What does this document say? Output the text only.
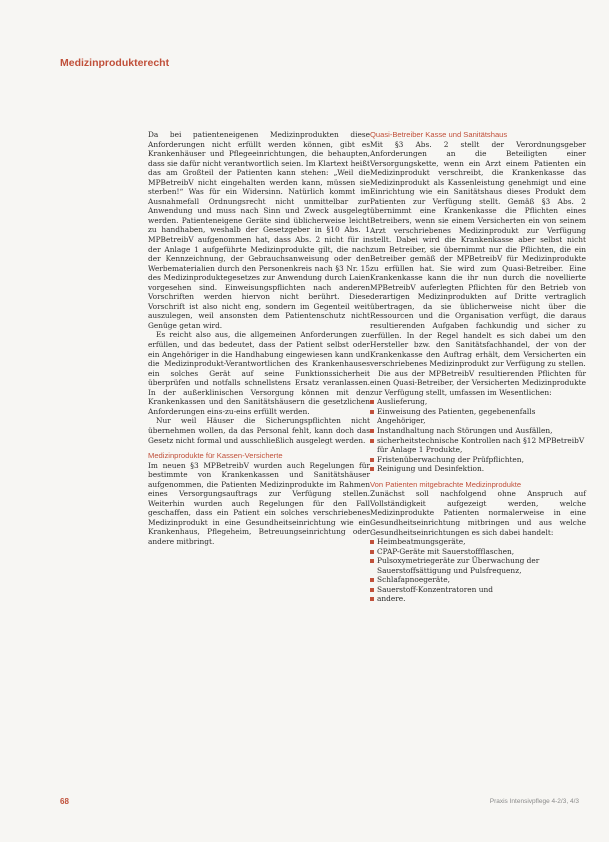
Medizinprodukterecht

Da bei patienteneigenen Medizinprodukten diese Anforderungen nicht erfüllt werden können, gibt es Krankenhäuser und Pflegeeinrichtungen, die behaupten, dass sie dafür nicht verantwortlich seien. Im Klartext heißt das am Großteil der Patienten kann stehen: „Weil die MPBetreibV nicht eingehalten werden kann, müssen sie sterben!“ Was für ein Widersinn. Natürlich kommt im Ausnahmefall Ordnungsrecht nicht unmittelbar zur Anwendung und muss nach Sinn und Zweck ausgelegt werden. Patienteneigene Geräte sind üblicherweise leicht zu handhaben, weshalb der Gesetzgeber in §10 Abs. 1 MPBetreibV aufgenommen hat, dass Abs. 2 nicht für in der Anlage 1 aufgeführte Medizinprodukte gilt, die nach der Kennzeichnung, der Gebrauchsanweisung oder den Werbematerialien durch den Personenkreis nach §3 Nr. 15 des Medizinproduktegesetzes zur Anwendung durch Laien vorgesehen sind. Einweisungspflichten nach anderen Vorschriften werden hiervon nicht berührt. Diese Vorschrift ist also nicht eng, sondern im Gegenteil weit auszulegen, weil ansonsten dem Patientenschutz nicht Genüge getan wird.

Es reicht also aus, die allgemeinen Anforderungen zu erfüllen, und das bedeutet, dass der Patient selbst oder ein Angehöriger in die Handhabung eingewiesen kann und die Medizinprodukt-Verantwortlichen des Krankenhauses ein solches Gerät auf seine Funktionssicherheit überprüfen und notfalls schnellstens Ersatz veranlassen. In der außerklinischen Versorgung können mit den Krankenkassen und den Sanitätshäusern die gesetzlichen Anforderungen eins-zu-eins erfüllt werden.

Nur weil Häuser die Sicherungspflichten nicht übernehmen wollen, da das Personal fehlt, kann doch das Gesetz nicht formal und ausschließlich ausgelegt werden.

Medizinprodukte für Kassen-Versicherte

Im neuen §3 MPBetreibV wurden auch Regelungen für bestimmte von Krankenkassen und Sanitätshäuser aufgenommen, die Patienten Medizinprodukte im Rahmen eines Versorgungsauftrags zur Verfügung stellen. Weiterhin wurden auch Regelungen für den Fall geschaffen, dass ein Patient ein solches verschriebenes Medizinprodukt in eine Gesundheitseinrichtung wie ein Krankenhaus, Pflegeheim, Betreuungseinrichtung oder andere mitbringt.

Quasi-Betreiber Kasse und Sanitätshaus

Mit §3 Abs. 2 stellt der Verordnungsgeber Anforderungen an die Beteiligten einer Versorgungskette, wenn ein Arzt einem Patienten ein Medizinprodukt verschreibt, die Krankenkasse das Medizinprodukt als Kassenleistung genehmigt und eine Einrichtung wie ein Sanitätshaus dieses Produkt dem Patienten zur Verfügung stellt. Gemäß §3 Abs. 2 übernimmt eine Krankenkasse die Pflichten eines Betreibers, wenn sie einem Versicherten ein von seinem Arzt verschriebenes Medizinprodukt zur Verfügung stellt. Dabei wird die Krankenkasse aber selbst nicht zum Betreiber, sie übernimmt nur die Pflichten, die ein Betreiber gemäß der MPBetreibV für Medizinprodukte zu erfüllen hat. Sie wird zum Quasi-Betreiber. Eine Krankenkasse kann die ihr nun durch die novellierte MPBetreibV auferlegten Pflichten für den Betrieb von derartigen Medizinprodukten auf Dritte vertraglich übertragen, da sie üblicherweise nicht über die Ressourcen und die Organisation verfügt, die daraus resultierenden Aufgaben fachkundig und sicher zu erfüllen. In der Regel handelt es sich dabei um den Hersteller bzw. den Sanitätsfachhandel, der von der Krankenkasse den Auftrag erhält, dem Versicherten ein verschriebenes Medizinprodukt zur Verfügung zu stellen.

Die aus der MPBetreibV resultierenden Pflichten für einen Quasi-Betreiber, der Versicherten Medizinprodukte zur Verfügung stellt, umfassen im Wesentlichen:

Auslieferung,
Einweisung des Patienten, gegebenenfalls Angehöriger,
Instandhaltung nach Störungen und Ausfällen,
sicherheitstechnische Kontrollen nach §12 MPBetreibV für Anlage 1 Produkte,
Fristenüberwachung der Prüfpflichten,
Reinigung und Desinfektion.
Von Patienten mitgebrachte Medizinprodukte

Zunächst soll nachfolgend ohne Anspruch auf Vollständigkeit aufgezeigt werden, welche Medizinprodukte Patienten normalerweise in eine Gesundheitseinrichtung mitbringen und aus welche Gesundheitseinrichtungen es sich dabei handelt:

Heimbeatmungsgeräte,
CPAP-Geräte mit Sauerstoffflaschen,
Pulsoxymetriegeräte zur Überwachung der Sauerstoffsättigung und Pulsfrequenz,
Schlafapnoegeräte,
Sauerstoff-Konzentratoren und
andere.
68	Praxis Intensivpflege 4-2/3, 4/3
